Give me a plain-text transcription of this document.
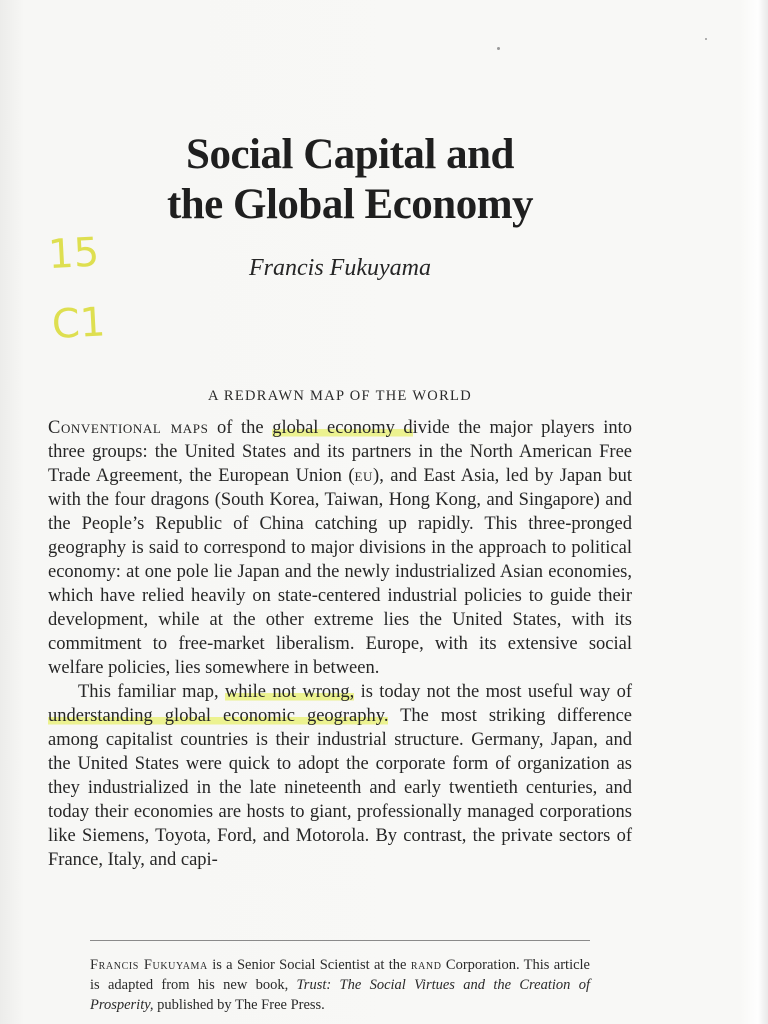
Social Capital and
the Global Economy
15
C1
Francis Fukuyama
A REDRAWN MAP OF THE WORLD

Conventional maps of the global economy divide the major players into three groups: the United States and its partners in the North American Free Trade Agreement, the European Union (eu), and East Asia, led by Japan but with the four dragons (South Korea, Taiwan, Hong Kong, and Singapore) and the People’s Republic of China catching up rapidly. This three-pronged geography is said to correspond to major divisions in the approach to political economy: at one pole lie Japan and the newly industrialized Asian economies, which have relied heavily on state-centered industrial policies to guide their development, while at the other extreme lies the United States, with its commitment to free-market liberalism. Europe, with its extensive social welfare policies, lies somewhere in between.

This familiar map, while not wrong, is today not the most useful way of understanding global economic geography. The most striking difference among capitalist countries is their industrial structure. Germany, Japan, and the United States were quick to adopt the corporate form of organization as they industrialized in the late nineteenth and early twentieth centuries, and today their economies are hosts to giant, professionally managed corporations like Siemens, Toyota, Ford, and Motorola. By contrast, the private sectors of France, Italy, and capi-

Francis Fukuyama is a Senior Social Scientist at the rand Corporation. This article is adapted from his new book, Trust: The Social Virtues and the Creation of Prosperity, published by The Free Press.
